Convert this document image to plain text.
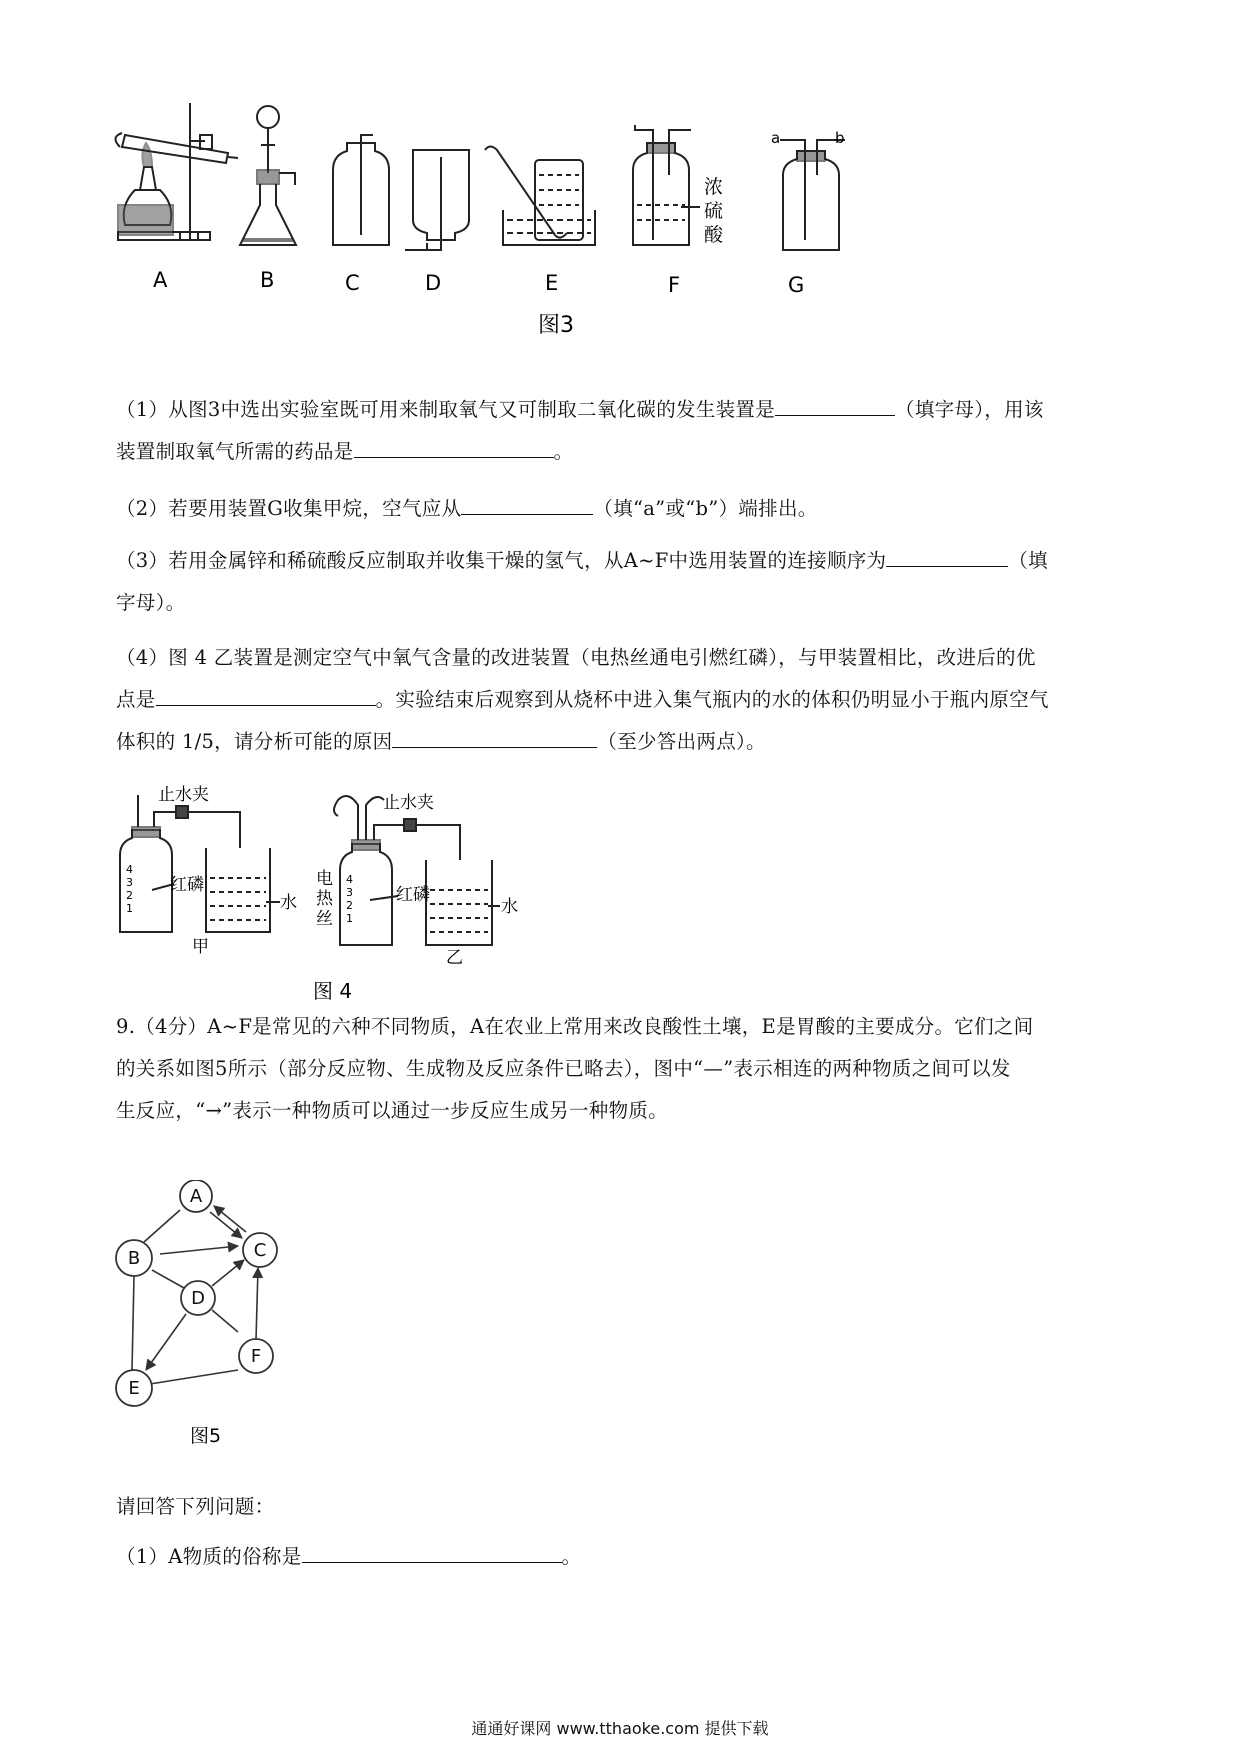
浓
硫
酸
a	b
A	B	C	D	E	F	G
图3
（1）从图3中选出实验室既可用来制取氧气又可制取二氧化碳的发生装置是	（填字母），用该
装置制取氧气所需的药品是	。
（2）若要用装置G收集甲烷，空气应从	（填“a”或“b”）端排出。
（3）若用金属锌和稀硫酸反应制取并收集干燥的氢气，从A~F中选用装置的连接顺序为	（填
字母）。
（4）图 4 乙装置是测定空气中氧气含量的改进装置（电热丝通电引燃红磷），与甲装置相比，改进后的优
点是	。实验结束后观察到从烧杯中进入集气瓶内的水的体积仍明显小于瓶内原空气
体积的 1/5，请分析可能的原因	（至少答出两点）。
止水夹	止水夹
红磷	红磷
水	水
4
3
2
1
4
3
2
1
电
热
丝
甲
乙
图 4
9.（4分）A~F是常见的六种不同物质，A在农业上常用来改良酸性土壤，E是胃酸的主要成分。它们之间
的关系如图5所示（部分反应物、生成物及反应条件已略去），图中“—”表示相连的两种物质之间可以发
生反应，“→”表示一种物质可以通过一步反应生成另一种物质。
A
B	C
D
E
F
图5
请回答下列问题：
（1）A物质的俗称是	。
通通好课网 www.tthaoke.com 提供下载
